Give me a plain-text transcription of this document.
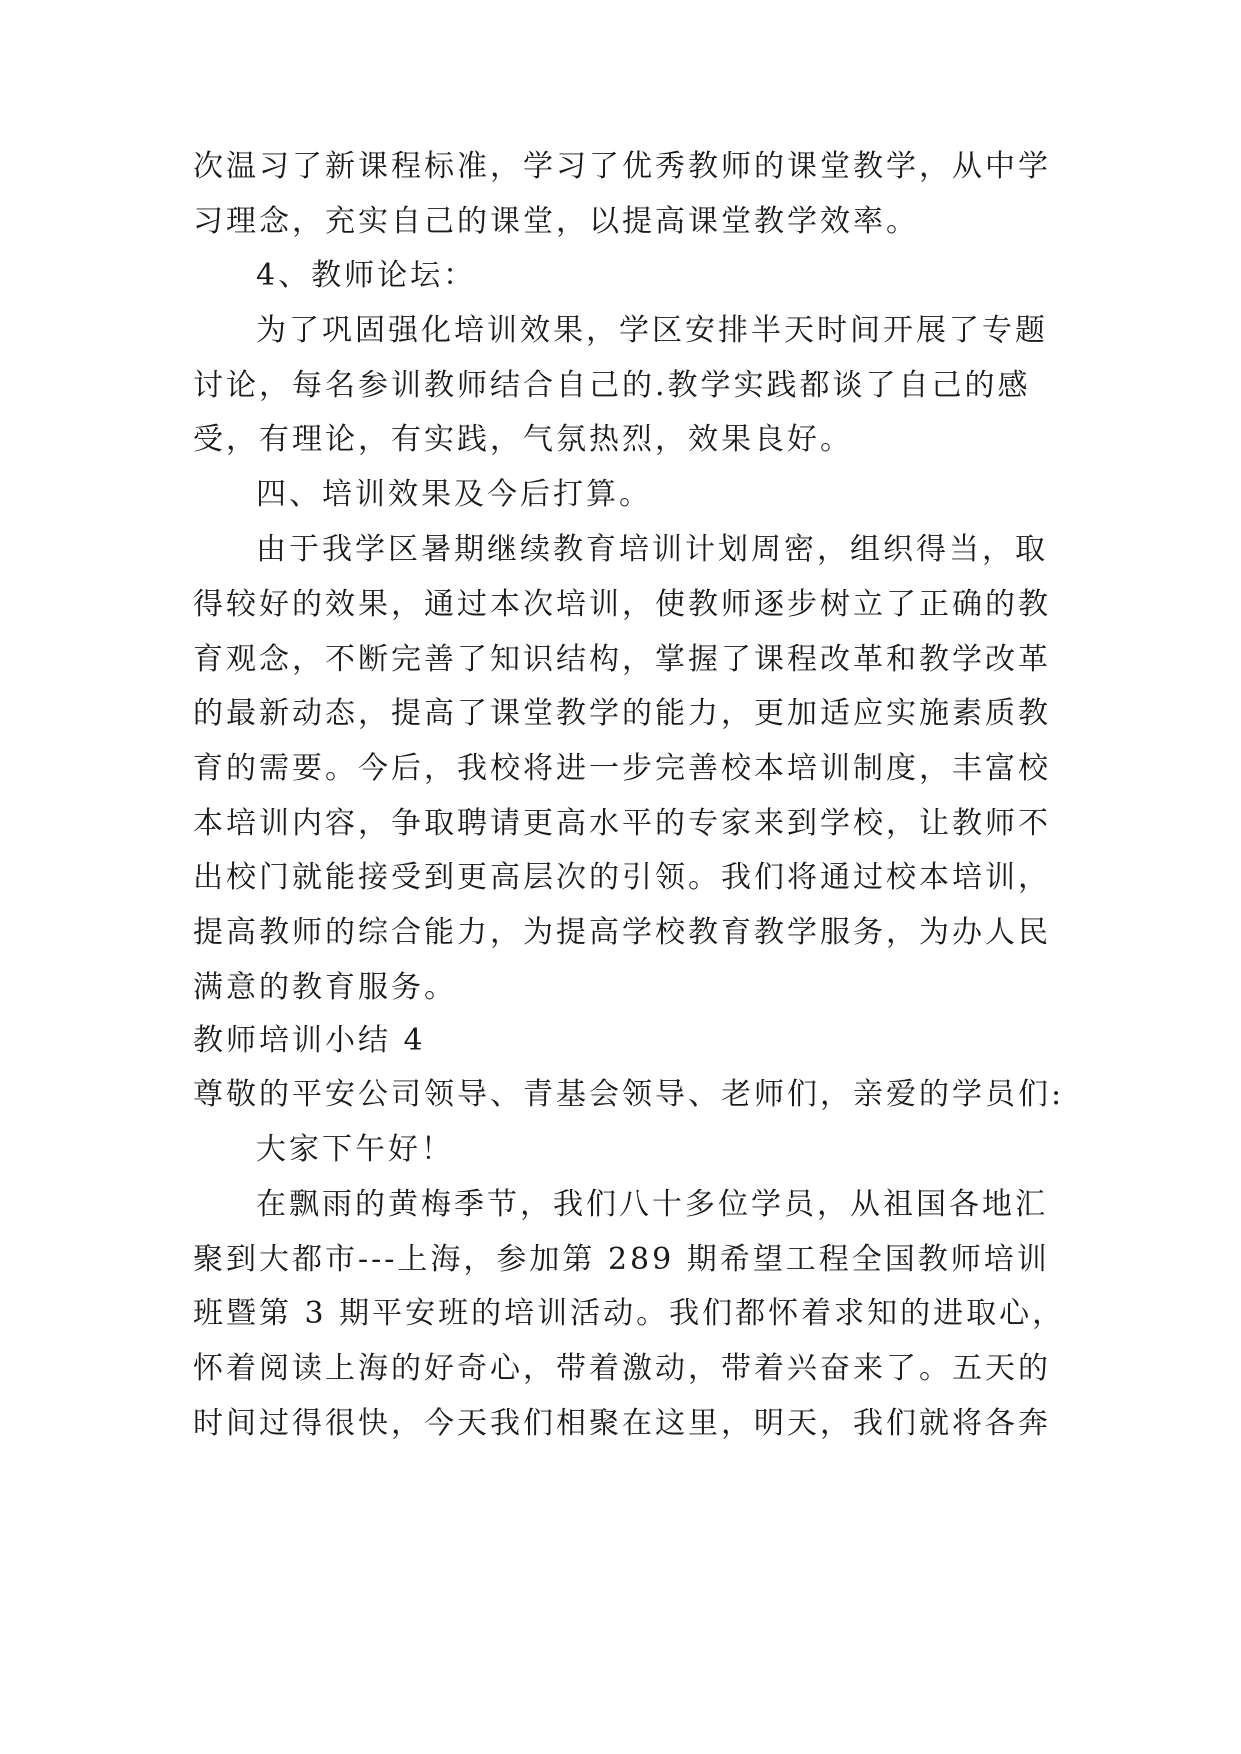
次温习了新课程标准，学习了优秀教师的课堂教学，从中学
习理念，充实自己的课堂，以提高课堂教学效率。
4、教师论坛：
为了巩固强化培训效果，学区安排半天时间开展了专题
讨论，每名参训教师结合自己的.教学实践都谈了自己的感
受，有理论，有实践，气氛热烈，效果良好。
四、培训效果及今后打算。
由于我学区暑期继续教育培训计划周密，组织得当，取
得较好的效果，通过本次培训，使教师逐步树立了正确的教
育观念，不断完善了知识结构，掌握了课程改革和教学改革
的最新动态，提高了课堂教学的能力，更加适应实施素质教
育的需要。今后，我校将进一步完善校本培训制度，丰富校
本培训内容，争取聘请更高水平的专家来到学校，让教师不
出校门就能接受到更高层次的引领。我们将通过校本培训，
提高教师的综合能力，为提高学校教育教学服务，为办人民
满意的教育服务。
教师培训小结 4
尊敬的平安公司领导、青基会领导、老师们，亲爱的学员们:
大家下午好！
在飘雨的黄梅季节，我们八十多位学员，从祖国各地汇
聚到大都市---上海，参加第 289 期希望工程全国教师培训
班暨第 3 期平安班的培训活动。我们都怀着求知的进取心，
怀着阅读上海的好奇心，带着激动，带着兴奋来了。五天的
时间过得很快，今天我们相聚在这里，明天，我们就将各奔
